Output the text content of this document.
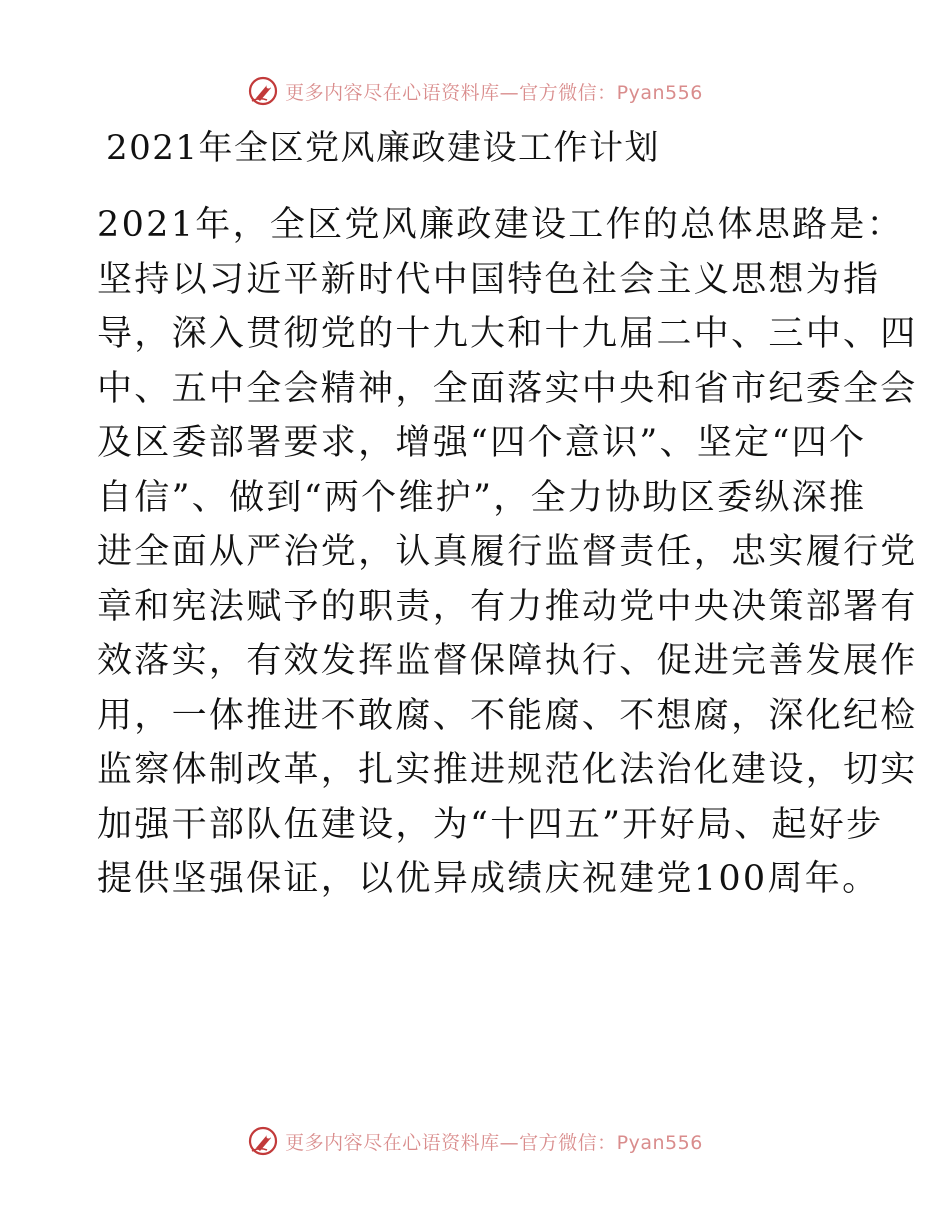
更多内容尽在心语资料库—官方微信：Pyan556
2021年全区党风廉政建设工作计划
2021年，全区党风廉政建设工作的总体思路是：
坚持以习近平新时代中国特色社会主义思想为指
导，深入贯彻党的十九大和十九届二中、三中、四
中、五中全会精神，全面落实中央和省市纪委全会
及区委部署要求，增强“四个意识”、坚定“四个
自信”、做到“两个维护”，全力协助区委纵深推
进全面从严治党，认真履行监督责任，忠实履行党
章和宪法赋予的职责，有力推动党中央决策部署有
效落实，有效发挥监督保障执行、促进完善发展作
用，一体推进不敢腐、不能腐、不想腐，深化纪检
监察体制改革，扎实推进规范化法治化建设，切实
加强干部队伍建设，为“十四五”开好局、起好步
提供坚强保证，以优异成绩庆祝建党100周年。
更多内容尽在心语资料库—官方微信：Pyan556
